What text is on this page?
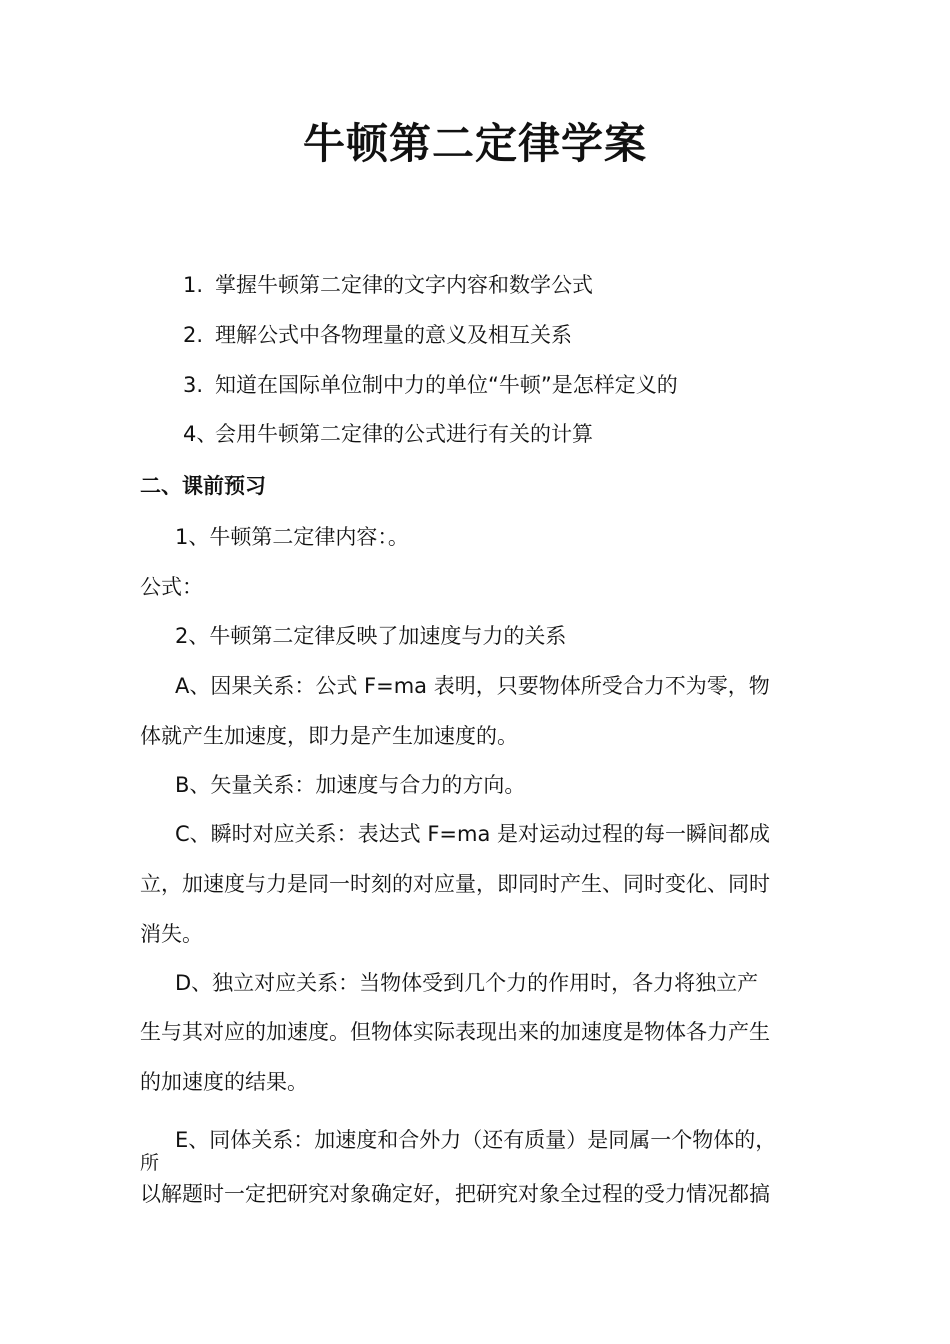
牛顿第二定律学案
1. 掌握牛顿第二定律的文字内容和数学公式
2. 理解公式中各物理量的意义及相互关系
3. 知道在国际单位制中力的单位“牛顿”是怎样定义的
4、会用牛顿第二定律的公式进行有关的计算
二、课前预习
1、牛顿第二定律内容：。
公式：
2、牛顿第二定律反映了加速度与力的关系
A、因果关系：公式 F=ma 表明，只要物体所受合力不为零，物
体就产生加速度，即力是产生加速度的。
B、矢量关系：加速度与合力的方向。
C、瞬时对应关系：表达式 F=ma 是对运动过程的每一瞬间都成
立，加速度与力是同一时刻的对应量，即同时产生、同时变化、同时
消失。
D、独立对应关系：当物体受到几个力的作用时，各力将独立产
生与其对应的加速度。但物体实际表现出来的加速度是物体各力产生
的加速度的结果。
E、同体关系：加速度和合外力（还有质量）是同属一个物体的，
所
以解题时一定把研究对象确定好，把研究对象全过程的受力情况都搞
